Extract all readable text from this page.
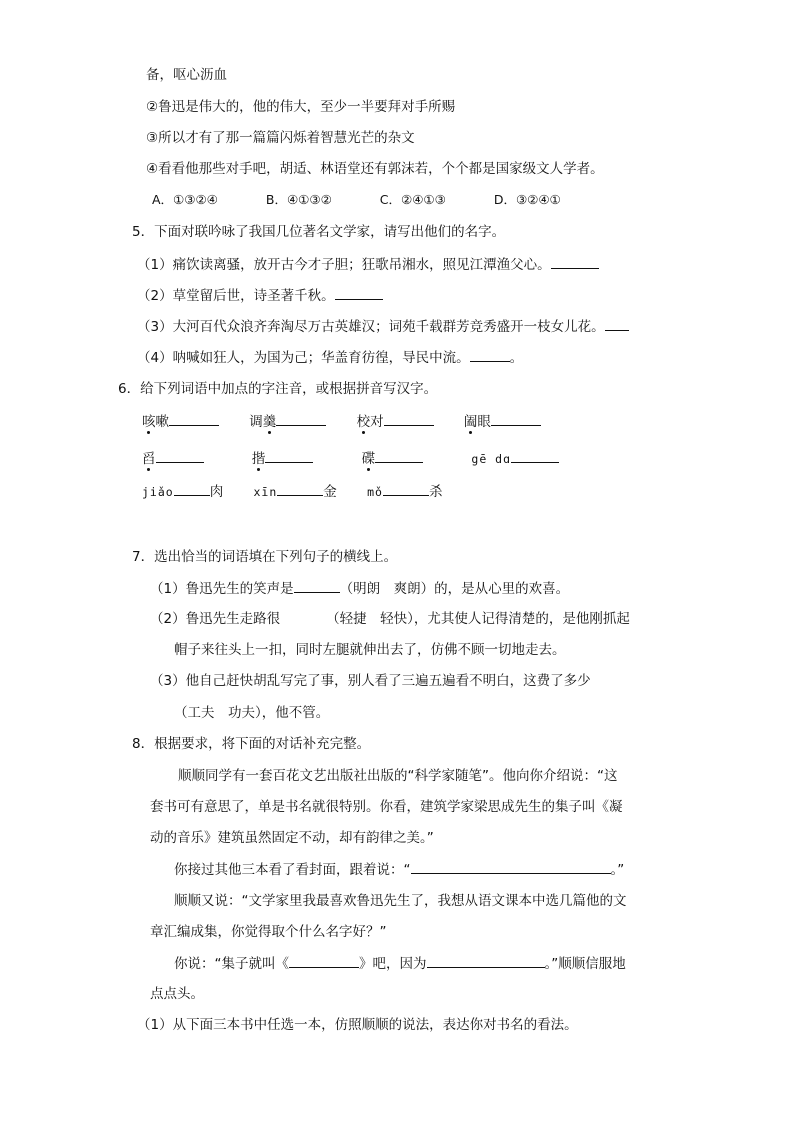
备，呕心沥血
②鲁迅是伟大的，他的伟大，至少一半要拜对手所赐
③所以才有了那一篇篇闪烁着智慧光芒的杂文
④看看他那些对手吧，胡适、林语堂还有郭沫若，个个都是国家级文人学者。
A．①③②④	B．④①③②	C．②④①③	D．③②④①
5．下面对联吟咏了我国几位著名文学家，请写出他们的名字。
（1）痛饮读离骚，放开古今才子胆；狂歌吊湘水，照见江潭渔父心。
（2）草堂留后世，诗圣著千秋。
（3）大河百代众浪齐奔淘尽万古英雄汉；词苑千载群芳竞秀盛开一枝女儿花。
（4）呐喊如狂人，为国为己；华盖育彷徨，导民中流。	。
6．给下列词语中加点的字注音，或根据拼音写汉字。
咳嗽	调羹	校对	阖眼
舀	揩	碟	gē dɑ
jiǎo	肉	xīn	金	mǒ	杀
7．选出恰当的词语填在下列句子的横线上。
（1）鲁迅先生的笑声是	（明朗　爽朗）的，是从心里的欢喜。
（2）鲁迅先生走路很	（轻捷　轻快），尤其使人记得清楚的，是他刚抓起
帽子来往头上一扣，同时左腿就伸出去了，仿佛不顾一切地走去。
（3）他自己赶快胡乱写完了事，别人看了三遍五遍看不明白，这费了多少
（工夫　功夫），他不管。
8．根据要求，将下面的对话补充完整。
顺顺同学有一套百花文艺出版社出版的“科学家随笔”。他向你介绍说：“这
套书可有意思了，单是书名就很特别。你看，建筑学家梁思成先生的集子叫《凝
动的音乐》建筑虽然固定不动，却有韵律之美。”
你接过其他三本看了看封面，跟着说：“	。”
顺顺又说：“文学家里我最喜欢鲁迅先生了，我想从语文课本中选几篇他的文
章汇编成集，你觉得取个什么名字好？”
你说：“集子就叫《	》吧，因为	。”顺顺信服地
点点头。
（1）从下面三本书中任选一本，仿照顺顺的说法，表达你对书名的看法。
